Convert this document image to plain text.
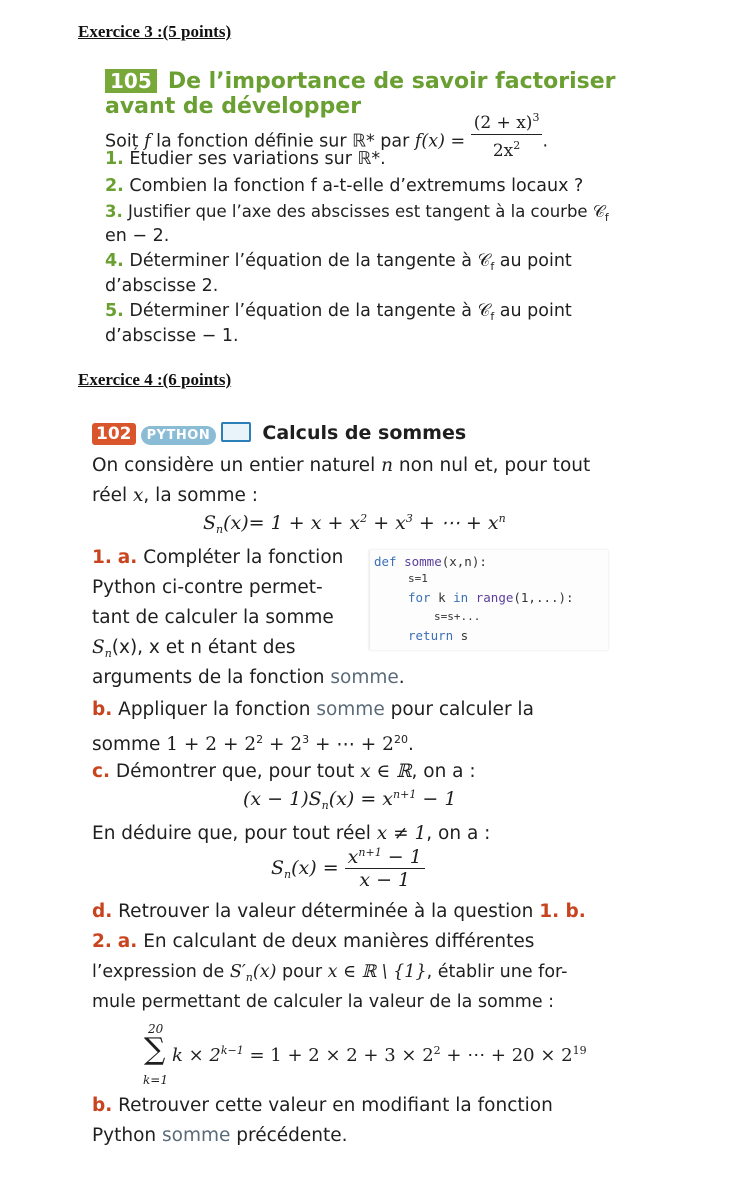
Exercice 3 :(5 points)
105 De l’importance de savoir factoriser
avant de développer
Soit f la fonction définie sur ℝ* par $f(x) = \frac{(2 + x)^3}{2x^2}$ .
1. Étudier ses variations sur ℝ*.
2. Combien la fonction f a-t-elle d’extremums locaux ?
3. Justifier que l’axe des abscisses est tangent à la courbe 𝒞$_f$
en − 2.
4. Déterminer l’équation de la tangente à 𝒞$_f$ au point
d’abscisse 2.
5. Déterminer l’équation de la tangente à 𝒞$_f$ au point
d’abscisse − 1.
Exercice 4 :(6 points)
102 PYTHON	Calculs de sommes
On considère un entier naturel n non nul et, pour tout
réel x, la somme :
$S_n(x)= 1 + x + x^2 + x^3$ + ⋯ + $x^n$
1. a. Compléter la fonction
Python ci-contre permet-
tant de calculer la somme
$S_n(x)$, x et n étant des
arguments de la fonction somme.
def somme(x,n):
s=1
for k in range(1,...):
s=s+...
return s
b. Appliquer la fonction somme pour calculer la
somme $1 + 2 + 2^2 + 2^3$ + ⋯ + $2^{20}$.
c. Démontrer que, pour tout x ∈ ℝ, on a :
$(x - 1)S_n(x) = x^{n+1} - 1$
En déduire que, pour tout réel x ≠ 1, on a :
$S_n(x) = \frac{x^{n+1} - 1}{x - 1}$
d. Retrouver la valeur déterminée à la question 1. b.
2. a. En calculant de deux manières différentes
l’expression de $S'_n(x)$ pour x ∈ ℝ \ {1}, établir une for-
mule permettant de calculer la valeur de la somme :
20
∑
k=1
$k \times 2^{k-1} = 1 + 2 \times 2 + 3 \times 2^2$ + ⋯ + $20 \times 2^{19}$
b. Retrouver cette valeur en modifiant la fonction
Python somme précédente.
